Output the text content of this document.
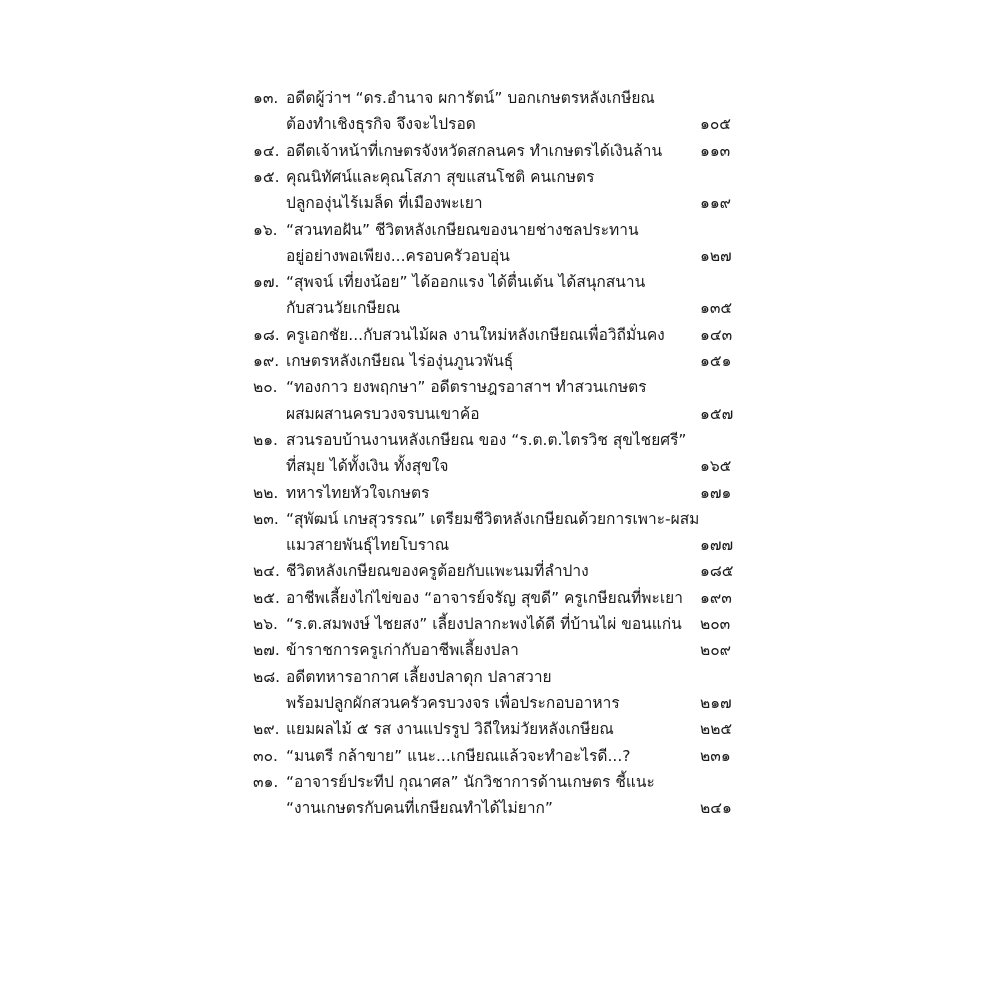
๑๓. อดีตผู้ว่าฯ “ดร.อำนาจ ผการัตน์” บอกเกษตรหลังเกษียณ
ต้องทำเชิงธุรกิจ จึงจะไปรอด	๑๐๕
๑๔. อดีตเจ้าหน้าที่เกษตรจังหวัดสกลนคร ทำเกษตรได้เงินล้าน ๑๑๓
๑๕. คุณนิทัศน์และคุณโสภา สุขแสนโชติ คนเกษตร
ปลูกองุ่นไร้เมล็ด ที่เมืองพะเยา	๑๑๙
๑๖. “สวนทอฝัน” ชีวิตหลังเกษียณของนายช่างชลประทาน
อยู่อย่างพอเพียง...ครอบครัวอบอุ่น	๑๒๗
๑๗. “สุพจน์ เที่ยงน้อย” ได้ออกแรง ได้ตื่นเต้น ได้สนุกสนาน
กับสวนวัยเกษียณ	๑๓๕
๑๘. ครูเอกชัย...กับสวนไม้ผล งานใหม่หลังเกษียณเพื่อวิถีมั่นคง ๑๔๓
๑๙. เกษตรหลังเกษียณ ไร่องุ่นภูนวพันธุ์	๑๕๑
๒๐. “ทองกาว ยงพฤกษา” อดีตราษฎรอาสาฯ ทำสวนเกษตร
ผสมผสานครบวงจรบนเขาค้อ	๑๕๗
๒๑. สวนรอบบ้านงานหลังเกษียณ ของ “ร.ต.ต.ไตรวิช สุขไชยศรี”
ที่สมุย ได้ทั้งเงิน ทั้งสุขใจ	๑๖๕
๒๒. ทหารไทยหัวใจเกษตร	๑๗๑
๒๓. “สุพัฒน์ เกษสุวรรณ” เตรียมชีวิตหลังเกษียณด้วยการเพาะ-ผสม
แมวสายพันธุ์ไทยโบราณ	๑๗๗
๒๔. ชีวิตหลังเกษียณของครูต้อยกับแพะนมที่ลำปาง	๑๘๕
๒๕. อาชีพเลี้ยงไก่ไข่ของ “อาจารย์จรัญ สุขดี” ครูเกษียณที่พะเยา ๑๙๓
๒๖. “ร.ต.สมพงษ์ ไชยสง” เลี้ยงปลากะพงได้ดี ที่บ้านไผ่ ขอนแก่น ๒๐๓
๒๗. ข้าราชการครูเก่ากับอาชีพเลี้ยงปลา	๒๐๙
๒๘. อดีตทหารอากาศ เลี้ยงปลาดุก ปลาสวาย
พร้อมปลูกผักสวนครัวครบวงจร เพื่อประกอบอาหาร	๒๑๗
๒๙. แยมผลไม้ ๕ รส งานแปรรูป วิถีใหม่วัยหลังเกษียณ	๒๒๕
๓๐. “มนตรี กล้าขาย” แนะ...เกษียณแล้วจะทำอะไรดี...?	๒๓๑
๓๑. “อาจารย์ประทีป กุณาศล” นักวิชาการด้านเกษตร ชี้แนะ
“งานเกษตรกับคนที่เกษียณทำได้ไม่ยาก”	๒๔๑
